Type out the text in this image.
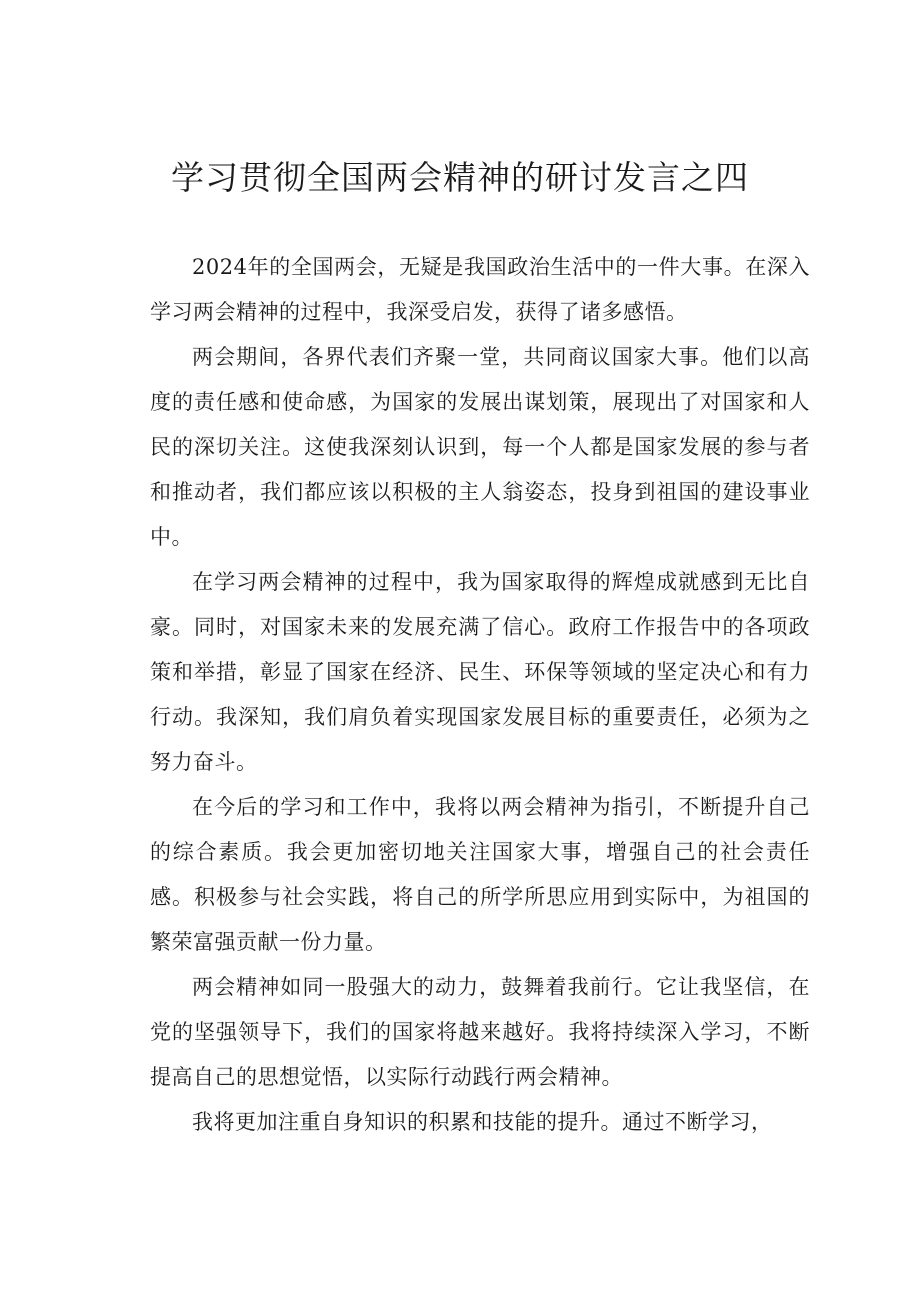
学习贯彻全国两会精神的研讨发言之四

2024年的全国两会，无疑是我国政治生活中的一件大事。在深入学习两会精神的过程中，我深受启发，获得了诸多感悟。

两会期间，各界代表们齐聚一堂，共同商议国家大事。他们以高度的责任感和使命感，为国家的发展出谋划策，展现出了对国家和人民的深切关注。这使我深刻认识到，每一个人都是国家发展的参与者和推动者，我们都应该以积极的主人翁姿态，投身到祖国的建设事业中。

在学习两会精神的过程中，我为国家取得的辉煌成就感到无比自豪。同时，对国家未来的发展充满了信心。政府工作报告中的各项政策和举措，彰显了国家在经济、民生、环保等领域的坚定决心和有力行动。我深知，我们肩负着实现国家发展目标的重要责任，必须为之努力奋斗。

在今后的学习和工作中，我将以两会精神为指引，不断提升自己的综合素质。我会更加密切地关注国家大事，增强自己的社会责任感。积极参与社会实践，将自己的所学所思应用到实际中，为祖国的繁荣富强贡献一份力量。

两会精神如同一股强大的动力，鼓舞着我前行。它让我坚信，在党的坚强领导下，我们的国家将越来越好。我将持续深入学习，不断提高自己的思想觉悟，以实际行动践行两会精神。

我将更加注重自身知识的积累和技能的提升。通过不断学习，
